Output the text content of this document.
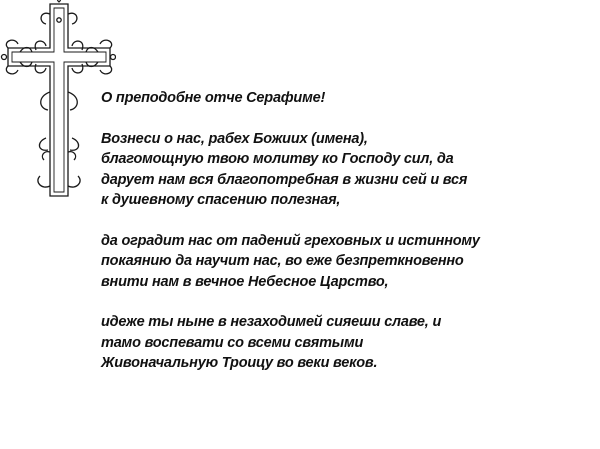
О преподобне отче Серафиме!

Вознеси о нас, рабех Божиих (имена),
благомощную твою молитву ко Господу сил, да
дарует нам вся благопотребная в жизни сей и вся
к душевному спасению полезная,

да оградит нас от падений греховных и истинному
покаянию да научит нас, во еже безпреткновенно
внити нам в вечное Небесное Царство,

идеже ты ныне в незаходимей сияеши славе, и
тамо воспевати со всеми святыми
Живоначальную Троицу во веки веков.
